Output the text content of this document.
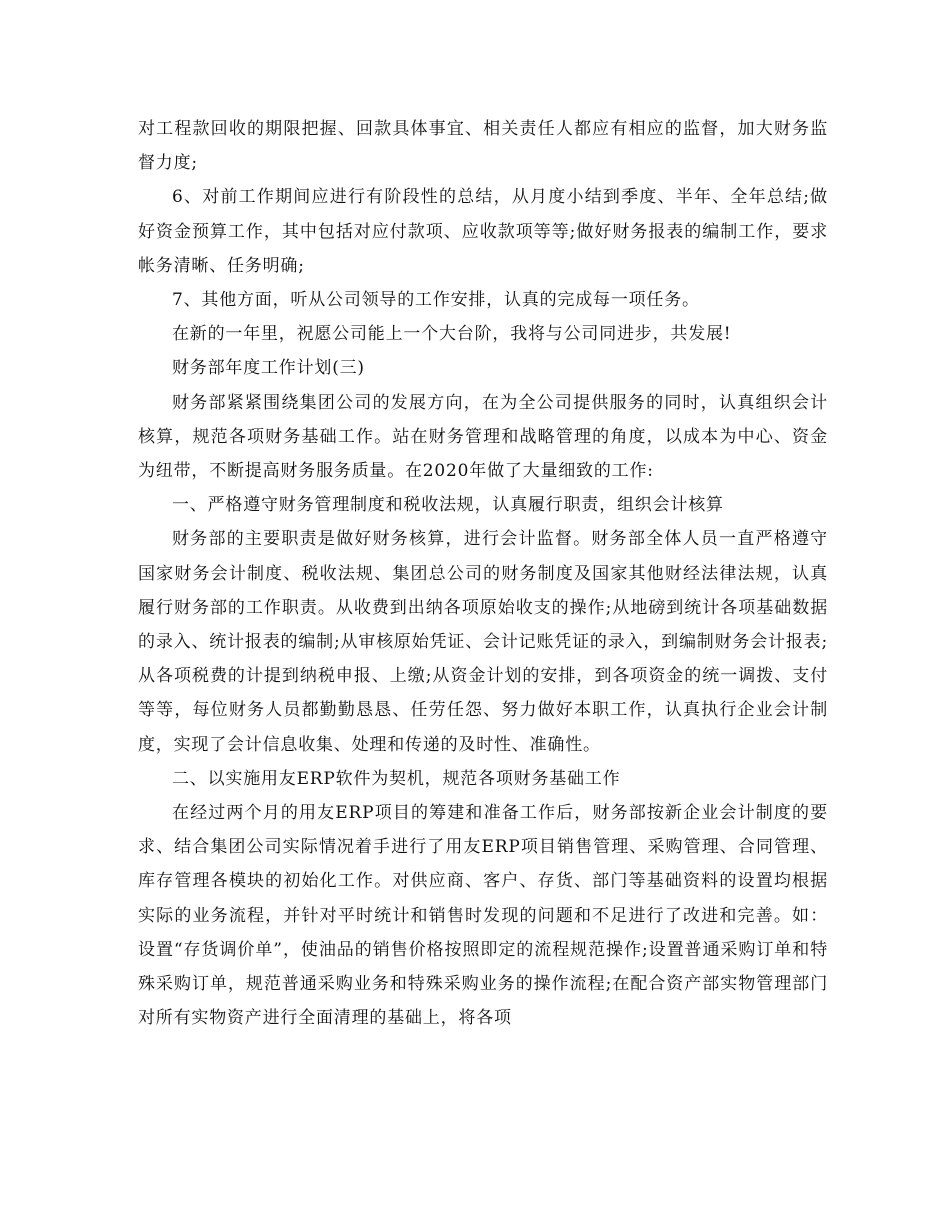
对工程款回收的期限把握、回款具体事宜、相关责任人都应有相应的监督，加大财务监督力度;

6、对前工作期间应进行有阶段性的总结，从月度小结到季度、半年、全年总结;做好资金预算工作，其中包括对应付款项、应收款项等等;做好财务报表的编制工作，要求帐务清晰、任务明确;

7、其他方面，听从公司领导的工作安排，认真的完成每一项任务。

在新的一年里，祝愿公司能上一个大台阶，我将与公司同进步，共发展!

财务部年度工作计划(三)

财务部紧紧围绕集团公司的发展方向，在为全公司提供服务的同时，认真组织会计核算，规范各项财务基础工作。站在财务管理和战略管理的角度，以成本为中心、资金为纽带，不断提高财务服务质量。在2020年做了大量细致的工作:

一、严格遵守财务管理制度和税收法规，认真履行职责，组织会计核算

财务部的主要职责是做好财务核算，进行会计监督。财务部全体人员一直严格遵守国家财务会计制度、税收法规、集团总公司的财务制度及国家其他财经法律法规，认真履行财务部的工作职责。从收费到出纳各项原始收支的操作;从地磅到统计各项基础数据的录入、统计报表的编制;从审核原始凭证、会计记账凭证的录入，到编制财务会计报表;从各项税费的计提到纳税申报、上缴;从资金计划的安排，到各项资金的统一调拨、支付等等，每位财务人员都勤勤恳恳、任劳任怨、努力做好本职工作，认真执行企业会计制度，实现了会计信息收集、处理和传递的及时性、准确性。

二、以实施用友ERP软件为契机，规范各项财务基础工作

在经过两个月的用友ERP项目的筹建和准备工作后，财务部按新企业会计制度的要求、结合集团公司实际情况着手进行了用友ERP项目销售管理、采购管理、合同管理、库存管理各模块的初始化工作。对供应商、客户、存货、部门等基础资料的设置均根据实际的业务流程，并针对平时统计和销售时发现的问题和不足进行了改进和完善。如：设置“存货调价单”，使油品的销售价格按照即定的流程规范操作;设置普通采购订单和特殊采购订单，规范普通采购业务和特殊采购业务的操作流程;在配合资产部实物管理部门对所有实物资产进行全面清理的基础上，将各项
